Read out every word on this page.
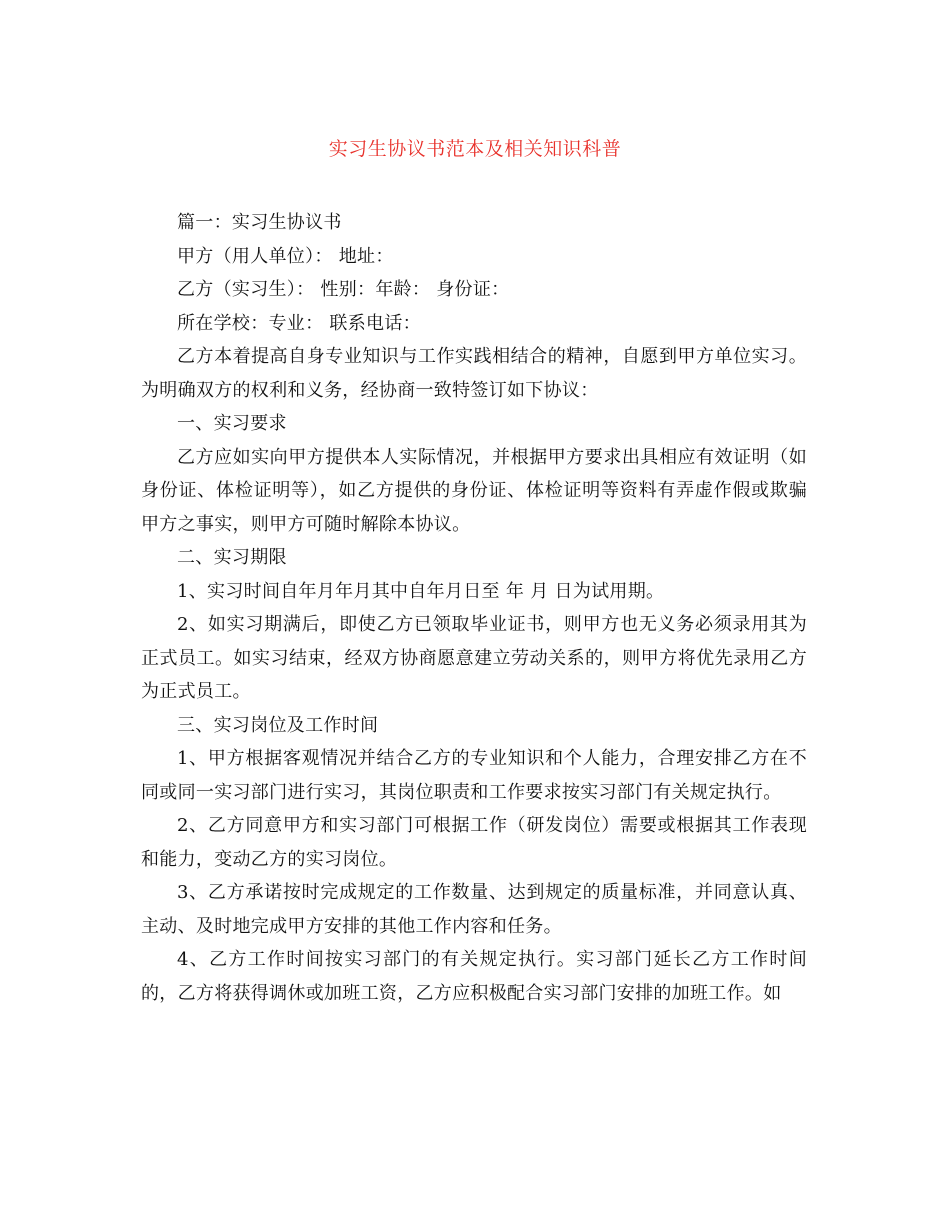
实习生协议书范本及相关知识科普

篇一：实习生协议书

甲方（用人单位）： 地址：

乙方（实习生）： 性别：年龄： 身份证：

所在学校：专业： 联系电话：

乙方本着提高自身专业知识与工作实践相结合的精神，自愿到甲方单位实习。为明确双方的权利和义务，经协商一致特签订如下协议：

一、实习要求

乙方应如实向甲方提供本人实际情况，并根据甲方要求出具相应有效证明（如身份证、体检证明等），如乙方提供的身份证、体检证明等资料有弄虚作假或欺骗甲方之事实，则甲方可随时解除本协议。

二、实习期限

1、实习时间自年月年月其中自年月日至 年 月 日为试用期。

2、如实习期满后，即使乙方已领取毕业证书，则甲方也无义务必须录用其为正式员工。如实习结束，经双方协商愿意建立劳动关系的，则甲方将优先录用乙方为正式员工。

三、实习岗位及工作时间

1、甲方根据客观情况并结合乙方的专业知识和个人能力，合理安排乙方在不同或同一实习部门进行实习，其岗位职责和工作要求按实习部门有关规定执行。

2、乙方同意甲方和实习部门可根据工作（研发岗位）需要或根据其工作表现和能力，变动乙方的实习岗位。

3、乙方承诺按时完成规定的工作数量、达到规定的质量标准，并同意认真、主动、及时地完成甲方安排的其他工作内容和任务。

4、乙方工作时间按实习部门的有关规定执行。实习部门延长乙方工作时间的，乙方将获得调休或加班工资，乙方应积极配合实习部门安排的加班工作。如
